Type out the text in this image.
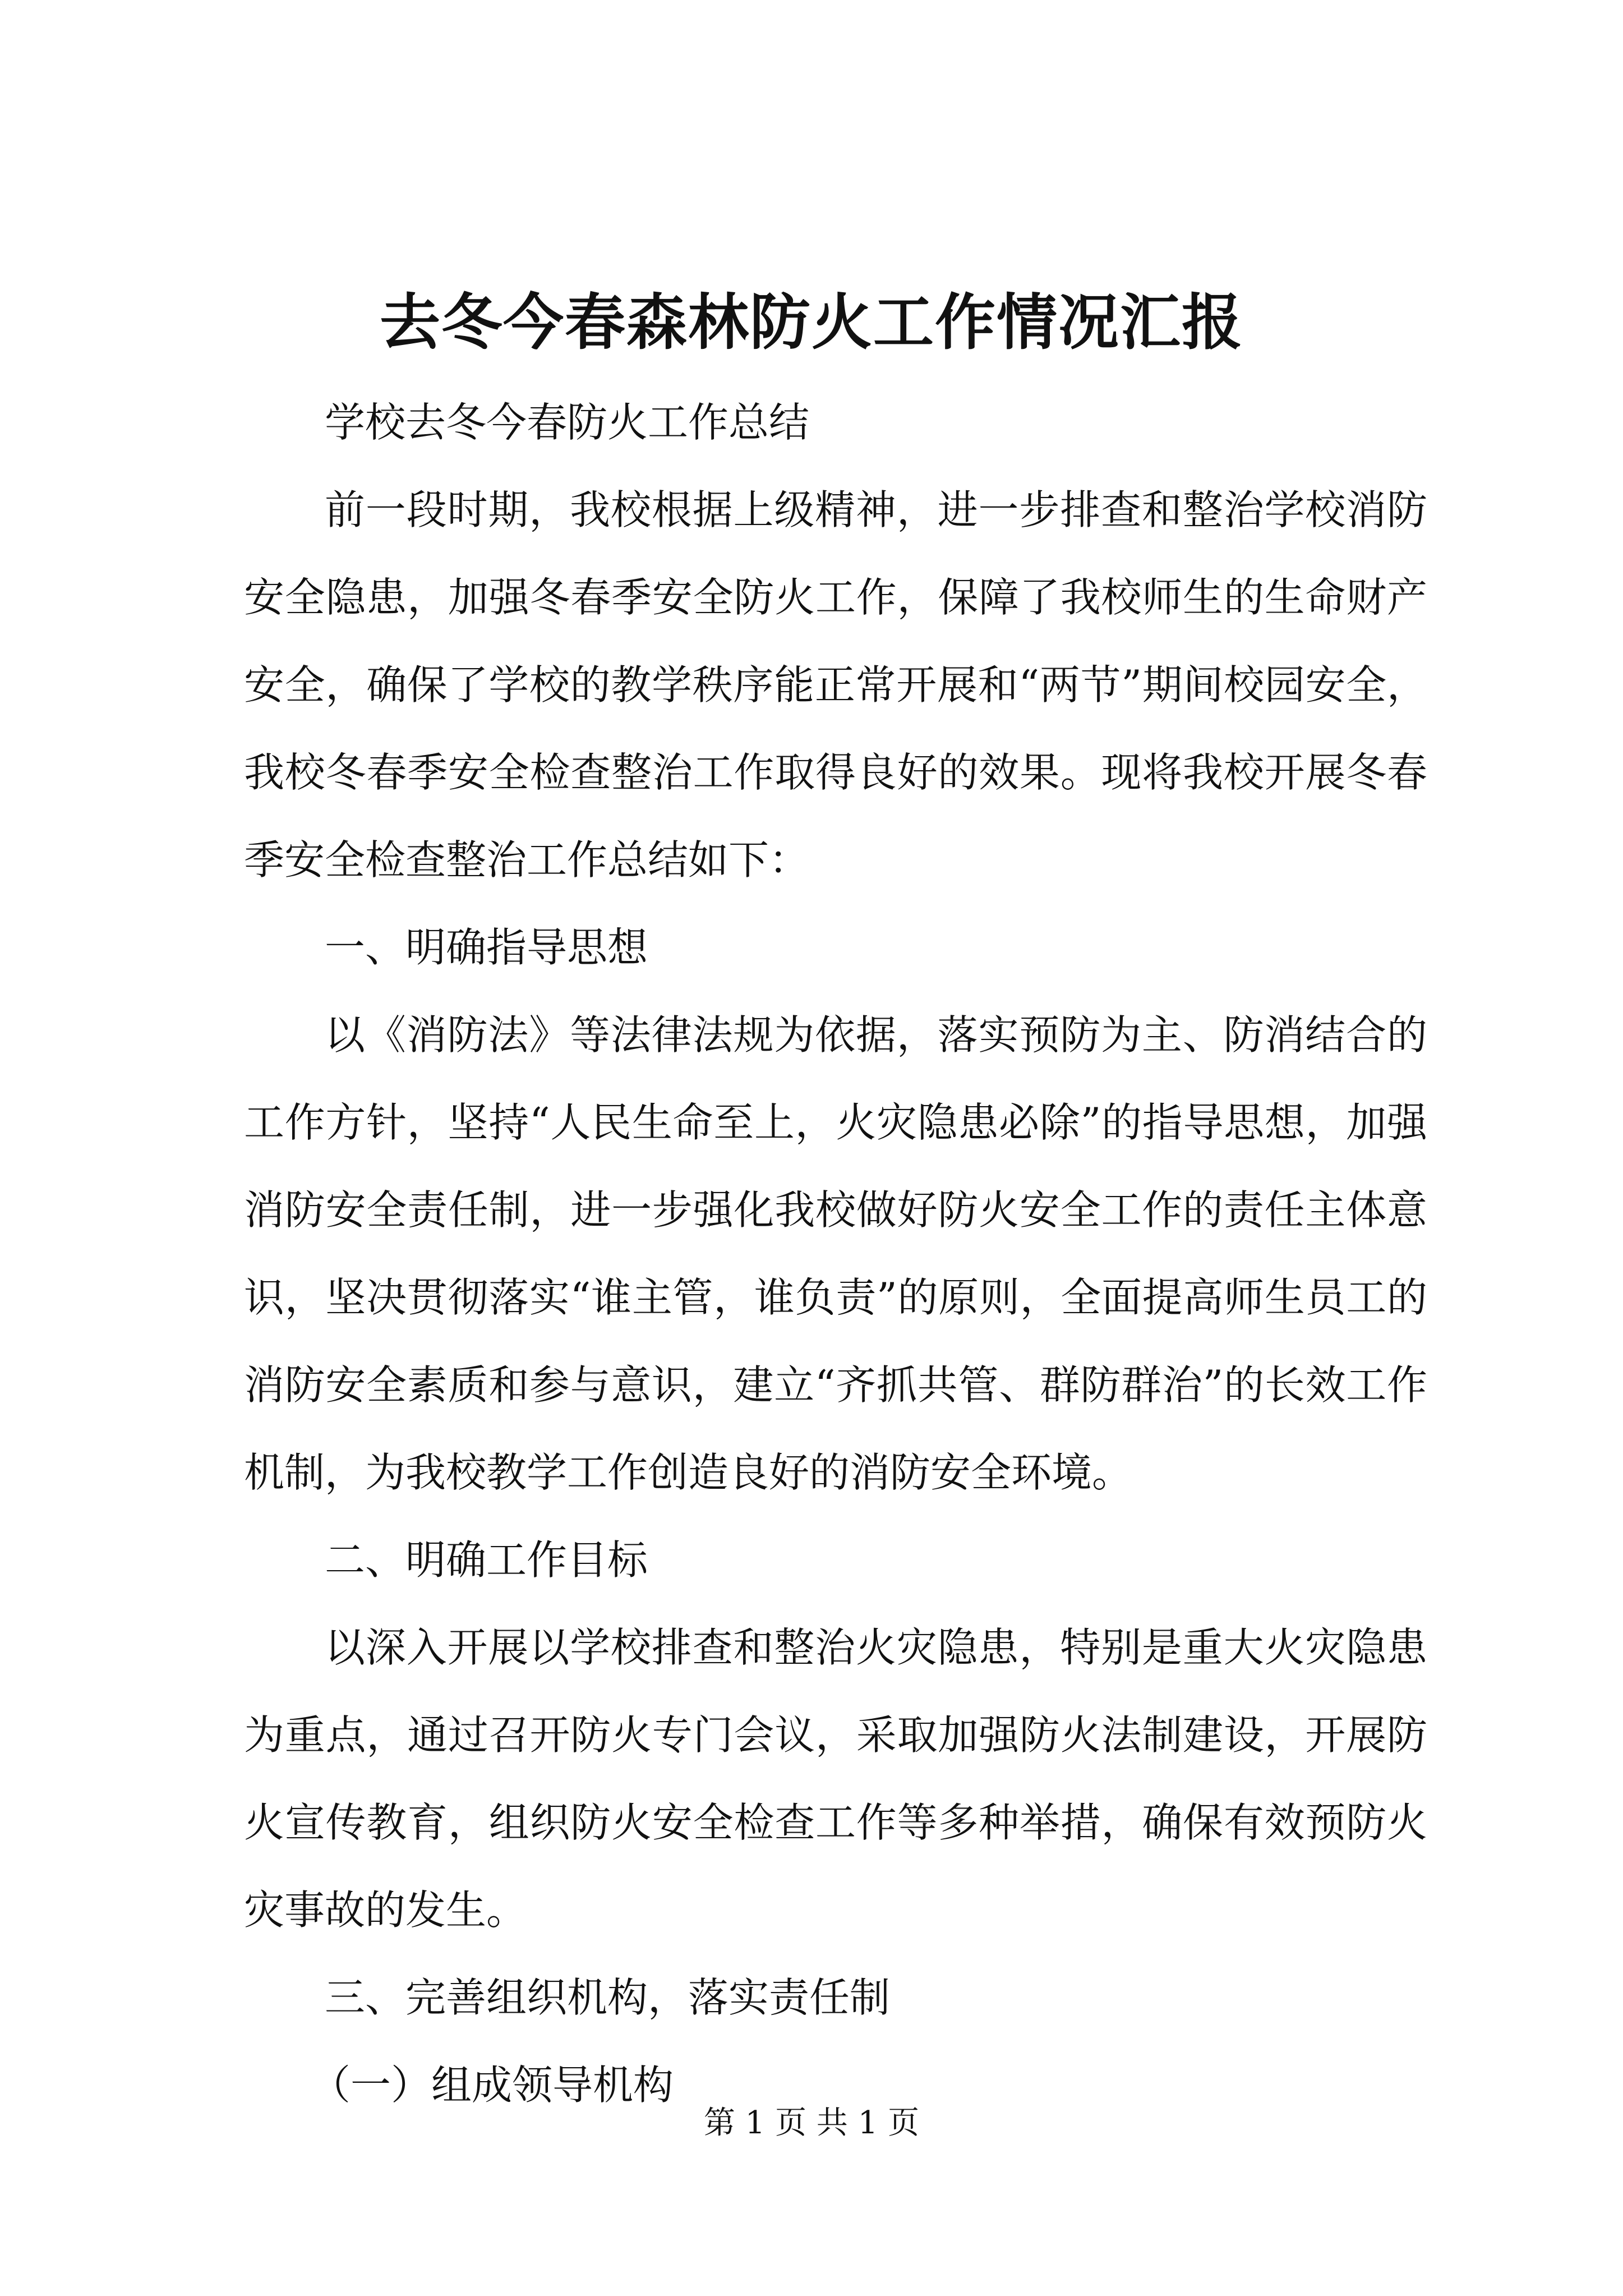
去冬今春森林防火工作情况汇报

学校去冬今春防火工作总结

前一段时期，我校根据上级精神，进一步排查和整治学校消防安全隐患，加强冬春季安全防火工作，保障了我校师生的生命财产安全，确保了学校的教学秩序能正常开展和“两节”期间校园安全，我校冬春季安全检查整治工作取得良好的效果。现将我校开展冬春季安全检查整治工作总结如下：

一、明确指导思想

以《消防法》等法律法规为依据，落实预防为主、防消结合的工作方针，坚持“人民生命至上，火灾隐患必除”的指导思想，加强消防安全责任制，进一步强化我校做好防火安全工作的责任主体意识，坚决贯彻落实“谁主管，谁负责”的原则，全面提高师生员工的消防安全素质和参与意识，建立“齐抓共管、群防群治”的长效工作机制，为我校教学工作创造良好的消防安全环境。

二、明确工作目标

以深入开展以学校排查和整治火灾隐患，特别是重大火灾隐患为重点，通过召开防火专门会议，采取加强防火法制建设，开展防火宣传教育，组织防火安全检查工作等多种举措，确保有效预防火灾事故的发生。

三、完善组织机构，落实责任制

（一）组成领导机构

第 1 页 共 1 页
